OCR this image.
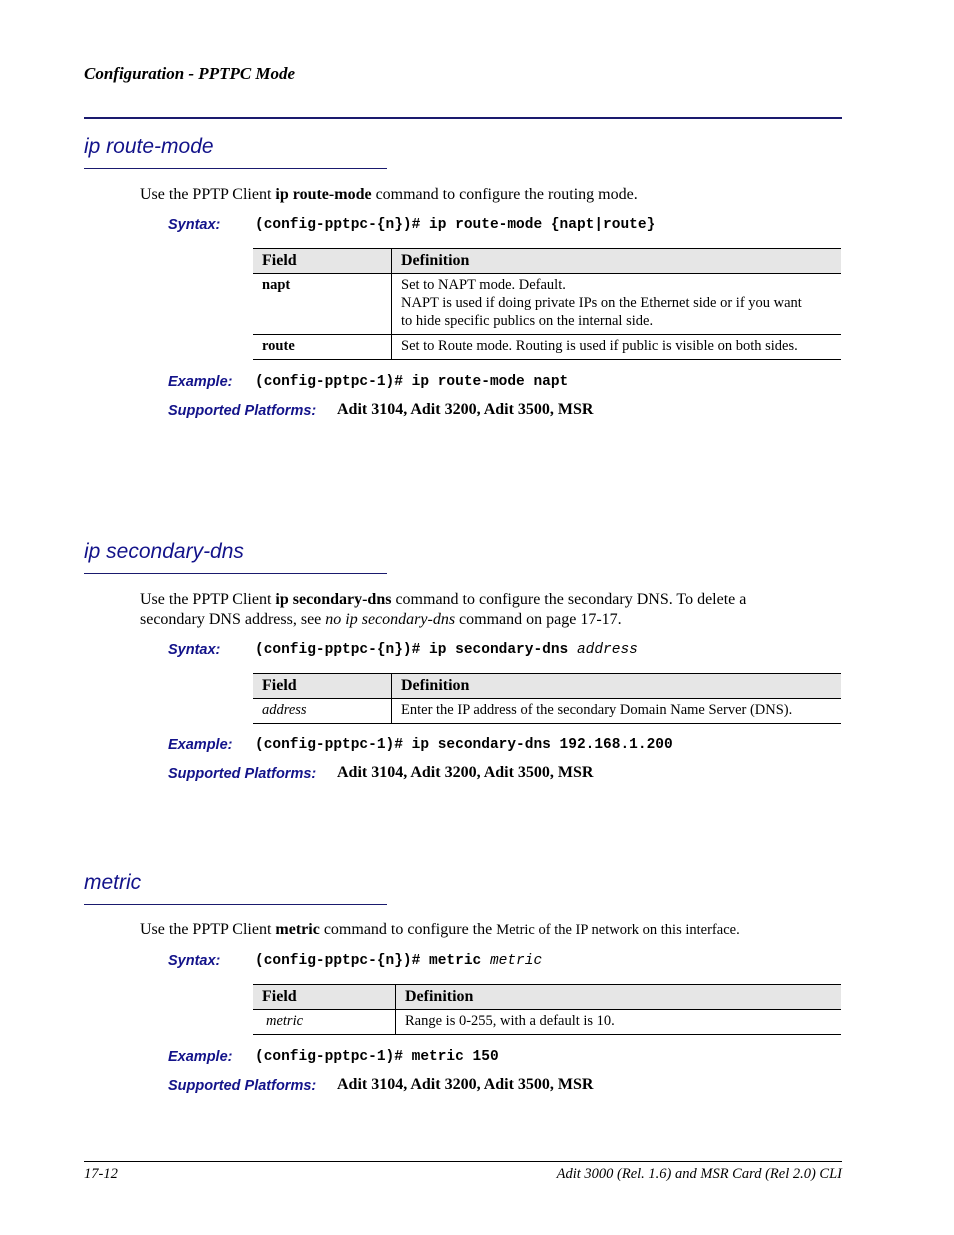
Configuration - PPTPC Mode
ip route-mode
Use the PPTP Client ip route-mode command to configure the routing mode.
Syntax: (config-pptpc-{n})# ip route-mode {napt|route}
Field	Definition
napt	Set to NAPT mode. Default.
NAPT is used if doing private IPs on the Ethernet side or if you want
to hide specific publics on the internal side.

route	Set to Route mode. Routing is used if public is visible on both sides.
Example: (config-pptpc-1)# ip route-mode napt
Supported Platforms: Adit 3104, Adit 3200, Adit 3500, MSR
ip secondary-dns
Use the PPTP Client ip secondary-dns command to configure the secondary DNS. To delete a
secondary DNS address, see no ip secondary-dns command on page 17-17.
Syntax: (config-pptpc-{n})# ip secondary-dns address
Field	Definition
address	Enter the IP address of the secondary Domain Name Server (DNS).
Example: (config-pptpc-1)# ip secondary-dns 192.168.1.200
Supported Platforms: Adit 3104, Adit 3200, Adit 3500, MSR
metric
Use the PPTP Client metric command to configure the Metric of the IP network on this interface.
Syntax: (config-pptpc-{n})# metric metric
Field	Definition
metric	Range is 0-255, with a default is 10.
Example: (config-pptpc-1)# metric 150
Supported Platforms: Adit 3104, Adit 3200, Adit 3500, MSR
17-12	Adit 3000 (Rel. 1.6) and MSR Card (Rel 2.0) CLI
